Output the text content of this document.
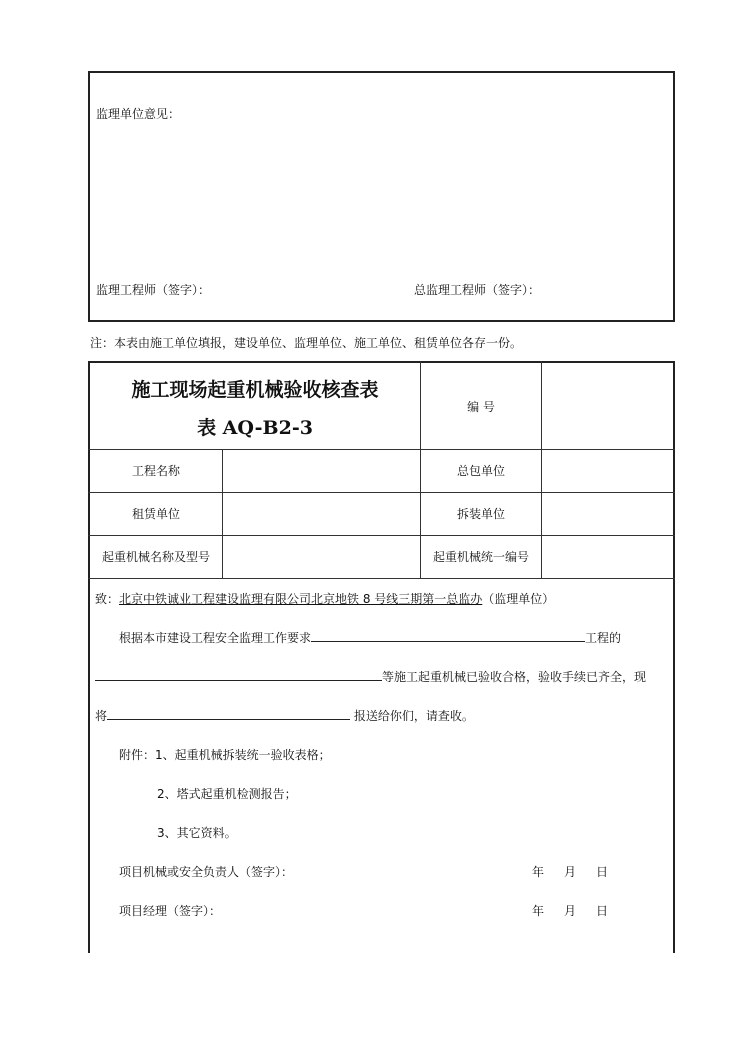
监理单位意见：
监理工程师（签字）：	总监理工程师（签字）：
注：本表由施工单位填报，建设单位、监理单位、施工单位、租赁单位各存一份。
施工现场起重机械验收核查表
表 AQ-B2-3
编 号
工程名称	总包单位
租赁单位	拆装单位
起重机械名称及型号	起重机械统一编号
致：北京中铁诚业工程建设监理有限公司北京地铁 8 号线三期第一总监办（监理单位）
根据本市建设工程安全监理工作要求	工程的
等施工起重机械已验收合格，验收手续已齐全，现
将	报送给你们，请查收。
附件：1、起重机械拆装统一验收表格；
2、塔式起重机检测报告；
3、其它资料。
项目机械或安全负责人（签字）：	年 月 日
项目经理（签字）：	年 月 日
